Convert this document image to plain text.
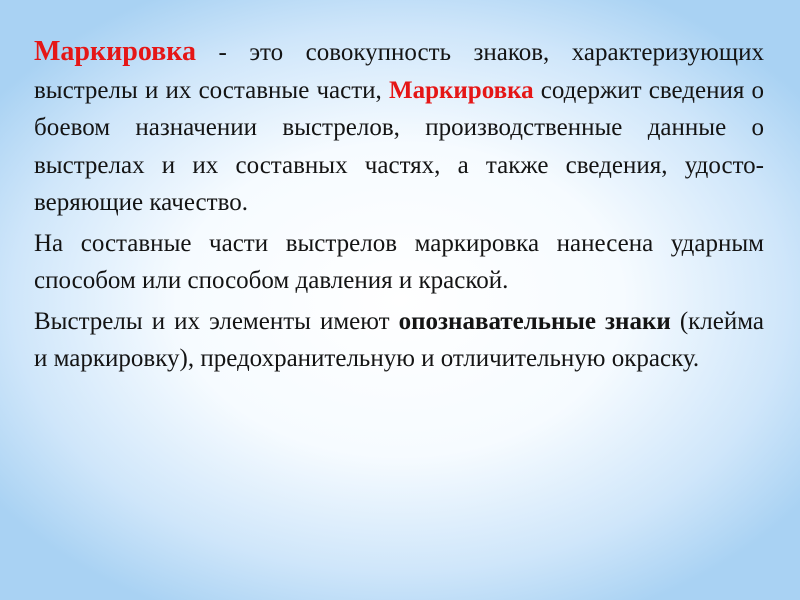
Маркировка - это совокупность знаков, характеризующих выстрелы и их составные части, Маркировка содержит сведения о боевом назначении выстрелов, производственные данные о выстрелах и их составных частях, а также сведения, удосто-веряющие качество.

На составные части выстрелов маркировка нанесена ударным способом или способом давления и краской.

Выстрелы и их элементы имеют опознавательные знаки (клейма и маркировку), предохранительную и отличительную окраску.
